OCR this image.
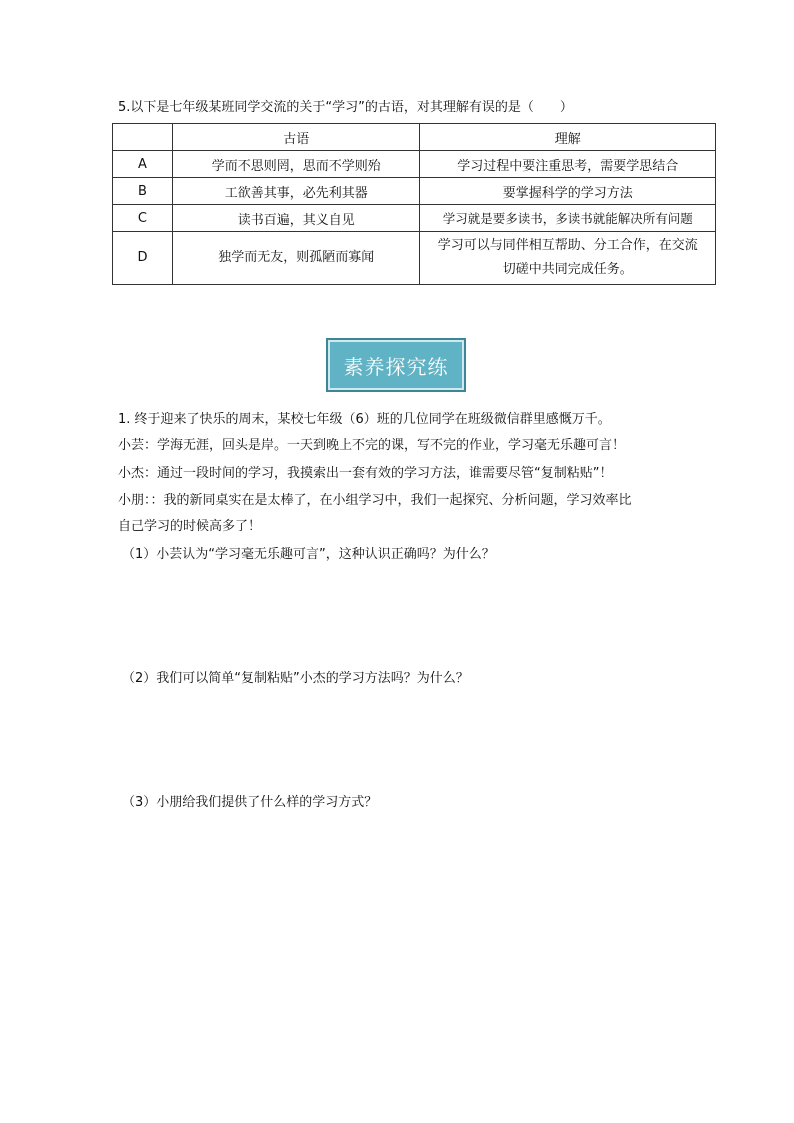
5.以下是七年级某班同学交流的关于“学习”的古语，对其理解有误的是（　　）
	古语	理解
A	学而不思则罔，思而不学则殆	学习过程中要注重思考，需要学思结合
B	工欲善其事，必先利其器	要掌握科学的学习方法
C	读书百遍，其义自见	学习就是要多读书，多读书就能解决所有问题
D	独学而无友，则孤陋而寡闻	学习可以与同伴相互帮助、分工合作，在交流
切磋中共同完成任务。
素养探究练
1. 终于迎来了快乐的周末，某校七年级（6）班的几位同学在班级微信群里感慨万千。
小芸：学海无涯，回头是岸。一天到晚上不完的课，写不完的作业，学习毫无乐趣可言！
小杰：通过一段时间的学习，我摸索出一套有效的学习方法，谁需要尽管“复制粘贴”！
小朋：：我的新同桌实在是太棒了，在小组学习中，我们一起探究、分析问题，学习效率比
自己学习的时候高多了！
（1）小芸认为“学习毫无乐趣可言”，这种认识正确吗？为什么？
（2）我们可以简单“复制粘贴”小杰的学习方法吗？为什么？
（3）小朋给我们提供了什么样的学习方式？
